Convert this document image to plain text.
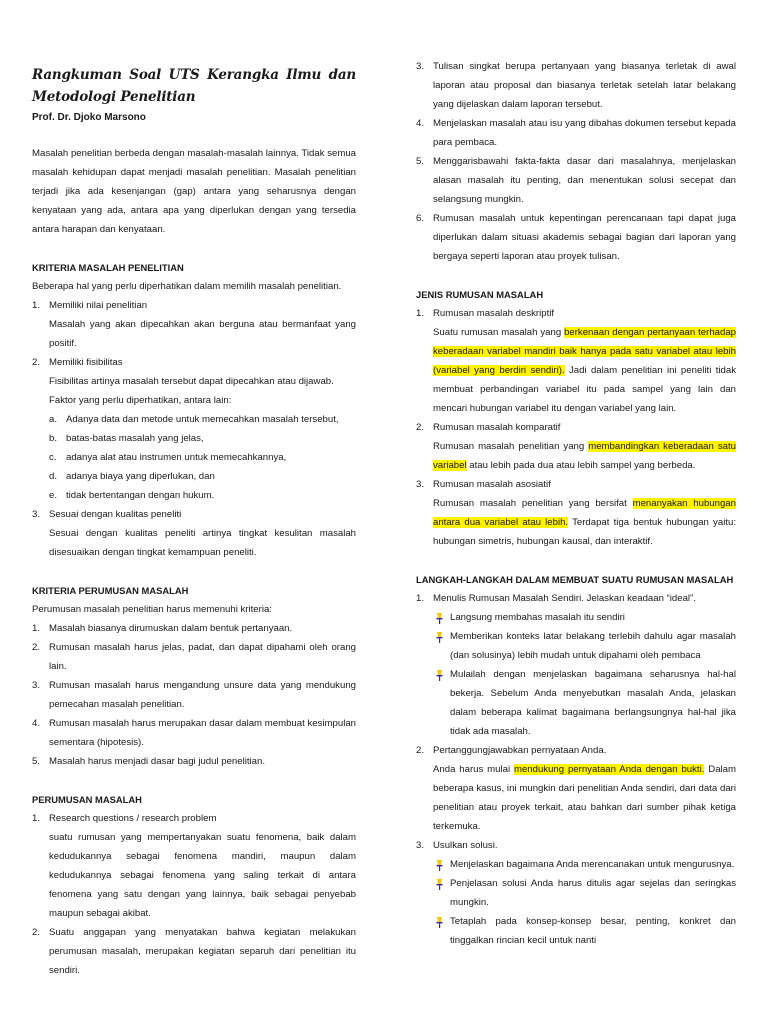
Rangkuman Soal UTS Kerangka Ilmu dan Metodologi Penelitian
Prof. Dr. Djoko Marsono

Masalah penelitian berbeda dengan masalah-masalah lainnya. Tidak semua masalah kehidupan dapat menjadi masalah penelitian. Masalah penelitian terjadi jika ada kesenjangan (gap) antara yang seharusnya dengan kenyataan yang ada, antara apa yang diperlukan dengan yang tersedia antara harapan dan kenyataan.

KRITERIA MASALAH PENELITIAN
Beberapa hal yang perlu diperhatikan dalam memilih masalah penelitian.
1. Memiliki nilai penelitian
Masalah yang akan dipecahkan akan berguna atau bermanfaat yang positif.
2. Memiliki fisibilitas
Fisibilitas artinya masalah tersebut dapat dipecahkan atau dijawab.
Faktor yang perlu diperhatikan, antara lain:
a. Adanya data dan metode untuk memecahkan masalah tersebut,
b. batas-batas masalah yang jelas,
c. adanya alat atau instrumen untuk memecahkannya,
d. adanya biaya yang diperlukan, dan
e. tidak bertentangan dengan hukum.
3. Sesuai dengan kualitas peneliti
Sesuai dengan kualitas peneliti artinya tingkat kesulitan masalah disesuaikan dengan tingkat kemampuan peneliti.
KRITERIA PERUMUSAN MASALAH
Perumusan masalah penelitian harus memenuhi kriteria:
1. Masalah biasanya dirumuskan dalam bentuk pertanyaan.
2. Rumusan masalah harus jelas, padat, dan dapat dipahami oleh orang lain.
3. Rumusan masalah harus mengandung unsure data yang mendukung pemecahan masalah penelitian.
4. Rumusan masalah harus merupakan dasar dalam membuat kesimpulan sementara (hipotesis).
5. Masalah harus menjadi dasar bagi judul penelitian.
PERUMUSAN MASALAH
1. Research questions / research problem
suatu rumusan yang mempertanyakan suatu fenomena, baik dalam kedudukannya sebagai fenomena mandiri, maupun dalam kedudukannya sebagai fenomena yang saling terkait di antara fenomena yang satu dengan yang lainnya, baik sebagai penyebab maupun sebagai akibat.
2. Suatu anggapan yang menyatakan bahwa kegiatan melakukan perumusan masalah, merupakan kegiatan separuh dari penelitian itu sendiri.
3. Tulisan singkat berupa pertanyaan yang biasanya terletak di awal laporan atau proposal dan biasanya terletak setelah latar belakang yang dijelaskan dalam laporan tersebut.
4. Menjelaskan masalah atau isu yang dibahas dokumen tersebut kepada para pembaca.
5. Menggarisbawahi fakta-fakta dasar dari masalahnya, menjelaskan alasan masalah itu penting, dan menentukan solusi secepat dan selangsung mungkin.
6. Rumusan masalah untuk kepentingan perencanaan tapi dapat juga diperlukan dalam situasi akademis sebagai bagian dari laporan yang bergaya seperti laporan atau proyek tulisan.
JENIS RUMUSAN MASALAH
1. Rumusan masalah deskriptif
Suatu rumusan masalah yang berkenaan dengan pertanyaan terhadap keberadaan variabel mandiri baik hanya pada satu variabel atau lebih (variabel yang berdiri sendiri). Jadi dalam penelitian ini peneliti tidak membuat perbandingan variabel itu pada sampel yang lain dan mencari hubungan variabel itu dengan variabel yang lain.
2. Rumusan masalah komparatif
Rumusan masalah penelitian yang membandingkan keberadaan satu variabel atau lebih pada dua atau lebih sampel yang berbeda.
3. Rumusan masalah asosiatif
Rumusan masalah penelitian yang bersifat menanyakan hubungan antara dua variabel atau lebih. Terdapat tiga bentuk hubungan yaitu: hubungan simetris, hubungan kausal, dan interaktif.
LANGKAH-LANGKAH DALAM MEMBUAT SUATU RUMUSAN MASALAH
1. Menulis Rumusan Masalah Sendiri. Jelaskan keadaan “ideal”.
Langsung membahas masalah itu sendiri
Memberikan konteks latar belakang terlebih dahulu agar masalah (dan solusinya) lebih mudah untuk dipahami oleh pembaca
Mulailah dengan menjelaskan bagaimana seharusnya hal-hal bekerja. Sebelum Anda menyebutkan masalah Anda, jelaskan dalam beberapa kalimat bagaimana berlangsungnya hal-hal jika tidak ada masalah.
2. Pertanggungjawabkan pernyataan Anda.
Anda harus mulai mendukung pernyataan Anda dengan bukti. Dalam beberapa kasus, ini mungkin dari penelitian Anda sendiri, dari data dari penelitian atau proyek terkait, atau bahkan dari sumber pihak ketiga terkemuka.
3. Usulkan solusi.
Menjelaskan bagaimana Anda merencanakan untuk mengurusnya.
Penjelasan solusi Anda harus ditulis agar sejelas dan seringkas mungkin.
Tetaplah pada konsep-konsep besar, penting, konkret dan tinggalkan rincian kecil untuk nanti
